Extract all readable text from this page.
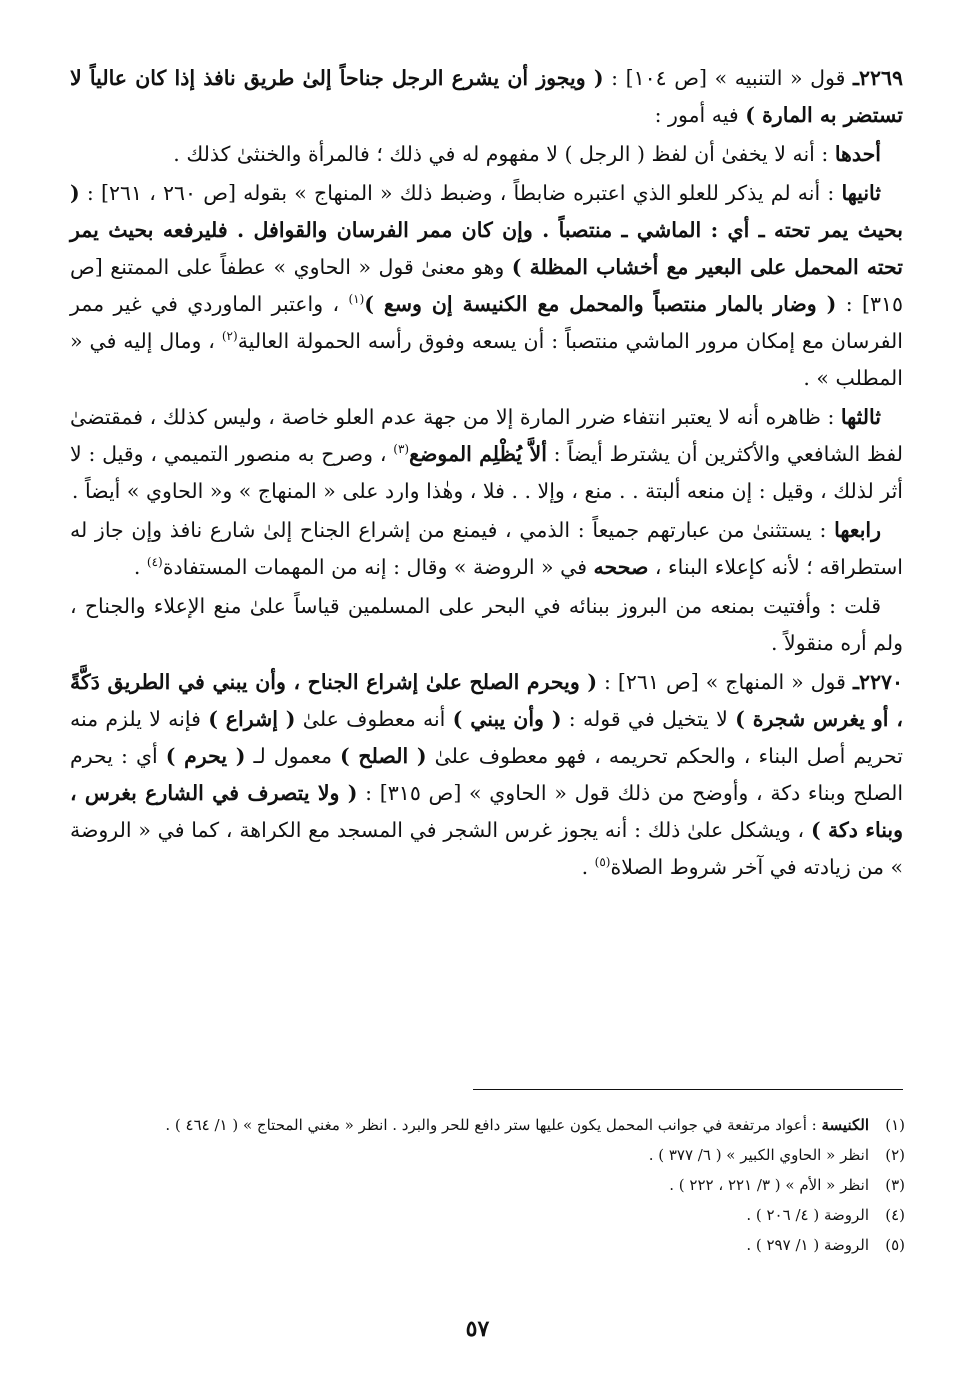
٢٢٦٩ـ قول « التنبيه » [ص ١٠٤] : ( ويجوز أن يشرع الرجل جناحاً إلىٰ طريق نافذ إذا كان عالياً لا تستضر به المارة ) فيه أمور :

أحدها : أنه لا يخفىٰ أن لفظ ( الرجل ) لا مفهوم له في ذلك ؛ فالمرأة والخنثىٰ كذلك .

ثانيها : أنه لم يذكر للعلو الذي اعتبره ضابطاً ، وضبط ذلك « المنهاج » بقوله [ص ٢٦٠ ، ٢٦١] : ( بحيث يمر تحته ـ أي : الماشي ـ منتصباً . وإن كان ممر الفرسان والقوافل . فليرفعه بحيث يمر تحته المحمل على البعير مع أخشاب المظلة ) وهو معنىٰ قول « الحاوي » عطفاً على الممتنع [ص ٣١٥] : ( وضار بالمار منتصباً والمحمل مع الكنيسة إن وسع )$^{(١)}$ ، واعتبر الماوردي في غير ممر الفرسان مع إمكان مرور الماشي منتصباً : أن يسعه وفوق رأسه الحمولة العالية$^{(٢)}$ ، ومال إليه في « المطلب » .

ثالثها : ظاهره أنه لا يعتبر انتفاء ضرر المارة إلا من جهة عدم العلو خاصة ، وليس كذلك ، فمقتضىٰ لفظ الشافعي والأكثرين أن يشترط أيضاً : ألاَّ يُظْلِم الموضع$^{(٣)}$ ، وصرح به منصور التميمي ، وقيل : لا أثر لذلك ، وقيل : إن منعه ألبتة . . منع ، وإلا . . فلا ، وهٰذا وارد على « المنهاج » و« الحاوي » أيضاً .

رابعها : يستثنىٰ من عبارتهم جميعاً : الذمي ، فيمنع من إشراع الجناح إلىٰ شارع نافذ وإن جاز له استطراقه ؛ لأنه كإعلاء البناء ، صححه في « الروضة » وقال : إنه من المهمات المستفادة$^{(٤)}$ .

قلت : وأفتيت بمنعه من البروز ببنائه في البحر على المسلمين قياساً علىٰ منع الإعلاء والجناح ، ولم أره منقولاً .

٢٢٧٠ـ قول « المنهاج » [ص ٢٦١] : ( ويحرم الصلح علىٰ إشراع الجناح ، وأن يبني في الطريق دَكَّةً ، أو يغرس شجرة ) لا يتخيل في قوله : ( وأن يبني ) أنه معطوف علىٰ ( إشراع ) فإنه لا يلزم منه تحريم أصل البناء ، والحكم تحريمه ، فهو معطوف علىٰ ( الصلح ) معمول لـ ( يحرم ) أي : يحرم الصلح وبناء دكة ، وأوضح من ذلك قول « الحاوي » [ص ٣١٥] : ( ولا يتصرف في الشارع بغرس ، وبناء دكة ) ، ويشكل علىٰ ذلك : أنه يجوز غرس الشجر في المسجد مع الكراهة ، كما في « الروضة » من زيادته في آخر شروط الصلاة$^{(٥)}$ .

(١)
الكنيسة : أعواد مرتفعة في جوانب المحمل يكون عليها ستر دافع للحر والبرد . انظر « مغني المحتاج » ( ١/ ٤٦٤ ) .
(٢)
انظر « الحاوي الكبير » ( ٦/ ٣٧٧ ) .
(٣)
انظر « الأم » ( ٣/ ٢٢١ ، ٢٢٢ ) .
(٤)
الروضة ( ٤/ ٢٠٦ ) .
(٥)
الروضة ( ١/ ٢٩٧ ) .
٥٧
